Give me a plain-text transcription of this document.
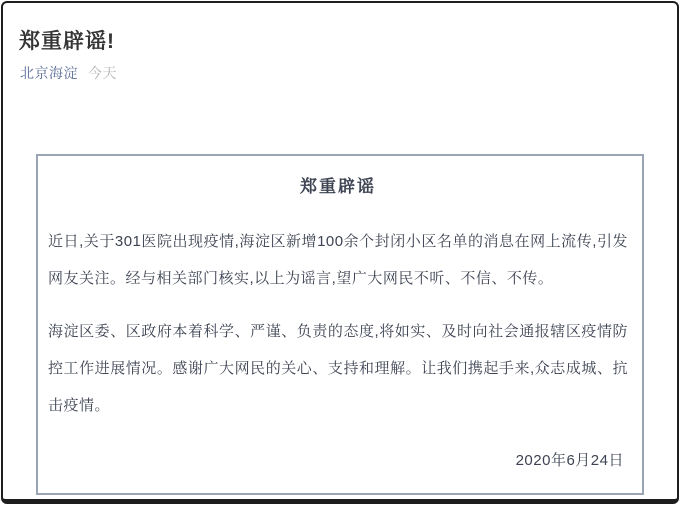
郑重辟谣!
北京海淀 今天
郑重辟谣

近日,关于301医院出现疫情,海淀区新增100余个封闭小区名单的消息在网上流传,引发网友关注。经与相关部门核实,以上为谣言,望广大网民不听、不信、不传。

海淀区委、区政府本着科学、严谨、负责的态度,将如实、及时向社会通报辖区疫情防控工作进展情况。感谢广大网民的关心、支持和理解。让我们携起手来,众志成城、抗击疫情。

2020年6月24日
